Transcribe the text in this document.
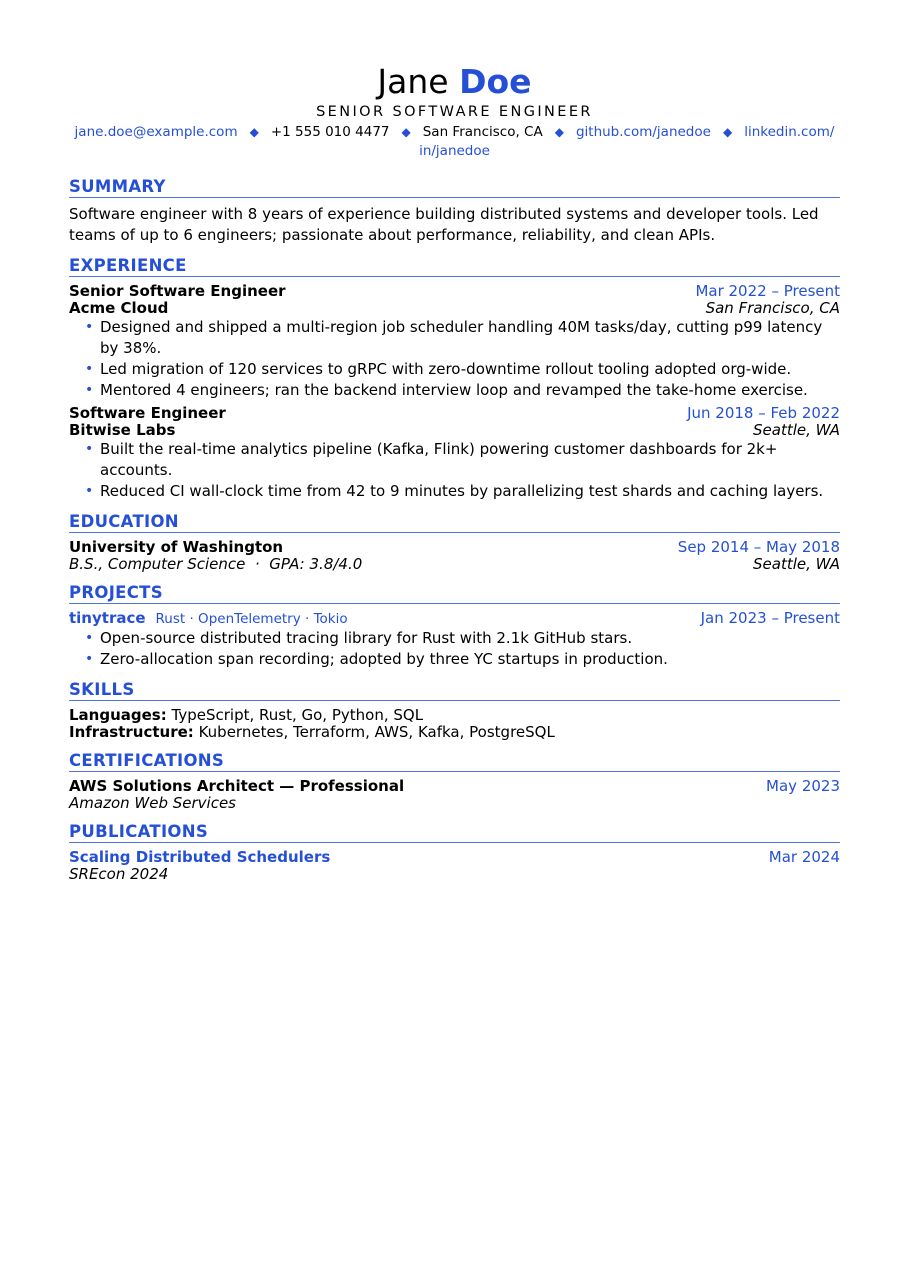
Jane Doe
SENIOR SOFTWARE ENGINEER
jane.doe@example.com ◆ +1 555 010 4477 ◆ San Francisco, CA ◆ github.com/janedoe ◆ linkedin.com/
in/janedoe
SUMMARY
Software engineer with 8 years of experience building distributed systems and developer tools. Led teams of up to 6 engineers; passionate about performance, reliability, and clean APIs.
EXPERIENCE
Senior Software Engineer	Mar 2022 – Present
Acme Cloud	San Francisco, CA
• Designed and shipped a multi-region job scheduler handling 40M tasks/day, cutting p99 latency by 38%.
• Led migration of 120 services to gRPC with zero-downtime rollout tooling adopted org-wide.
• Mentored 4 engineers; ran the backend interview loop and revamped the take-home exercise.
Software Engineer	Jun 2018 – Feb 2022
Bitwise Labs	Seattle, WA
• Built the real-time analytics pipeline (Kafka, Flink) powering customer dashboards for 2k+ accounts.
• Reduced CI wall-clock time from 42 to 9 minutes by parallelizing test shards and caching layers.
EDUCATION
University of Washington	Sep 2014 – May 2018
B.S., Computer Science  ·  GPA: 3.8/4.0	Seattle, WA
PROJECTS
tinytrace Rust · OpenTelemetry · Tokio	Jan 2023 – Present
• Open-source distributed tracing library for Rust with 2.1k GitHub stars.
• Zero-allocation span recording; adopted by three YC startups in production.
SKILLS
Languages: TypeScript, Rust, Go, Python, SQL
Infrastructure: Kubernetes, Terraform, AWS, Kafka, PostgreSQL
CERTIFICATIONS
AWS Solutions Architect — Professional	May 2023
Amazon Web Services
PUBLICATIONS
Scaling Distributed Schedulers	Mar 2024
SREcon 2024
